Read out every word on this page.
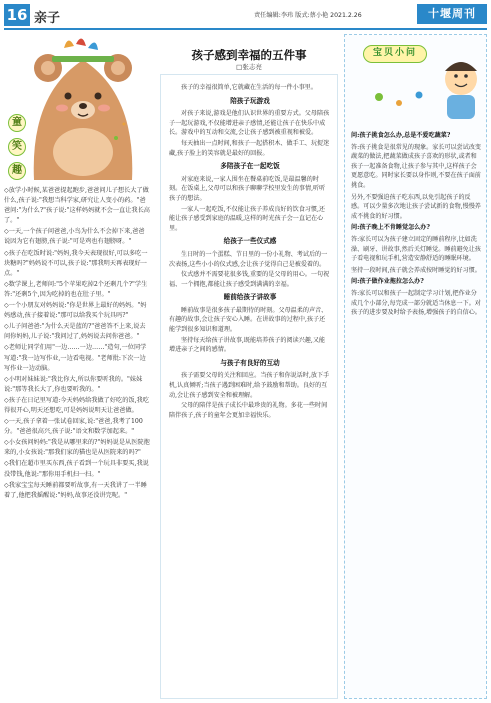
16 亲子	责任编辑:李玮 版式:蔡小艳 2021.2.26	十堰周刊
童
笑
趣

◇放学小时候,某爸爸提起跑步,爸爸问儿子想长大了做什么,孩子说:"我想当科学家,研究让人变小的药。"爸爸问:"为什么?"孩子说:"这样妈妈就不会一直让我长高了。"

◇一天,一个孩子问爸爸,小鸟为什么不会掉下来,爸爸说因为它有翅膀,孩子说:"可是鸡也有翅膀呀。"

◇孩子在吃饭时说:"妈妈,我今天表现很好,可以多吃一块糖吗?"妈妈说不可以,孩子说:"那我明天再表现好一点。"

◇数学课上,老师问:"5个苹果吃掉2个还剩几个?"学生答:"还剩5个,因为吃掉的也在肚子里。"

◇一个小朋友对妈妈说:"你是世界上最好的妈妈。"妈妈感动,孩子接着说:"那可以给我买个玩具吗?"

◇儿子问爸爸:"为什么天是蓝的?"爸爸答不上来,说去问你妈妈,儿子说:"我问过了,妈妈说去问你爸爸。"

◇老师让同学们用"一边……一边……"造句,一位同学写道:"我一边写作业,一边看电视。"老师批:下次一边写作业一边动脑。

◇小明对妹妹说:"我比你大,所以你要听我的。"妹妹说:"那等我长大了,你也要听我的。"

◇孩子在日记里写道:今天妈妈给我做了好吃的饭,我吃得很开心,明天还想吃,可是妈妈说明天让爸爸做。

◇一天,孩子拿着一张试卷回家,说:"爸爸,我考了100分。"爸爸很高兴,孩子说:"语文和数学加起来。"

◇小女孩问妈妈:"我是从哪里来的?"妈妈说是从医院抱来的,小女孩说:"那我们家的猫也是从医院来的吗?"

◇我们在超市里买东西,孩子看到一个玩具非要买,我说没带钱,他说:"那你用手机扫一扫。"

◇我家宝宝每天睡前都要听故事,有一天我讲了一半睡着了,他把我摇醒说:"妈妈,故事还没讲完呢。"

孩子感到幸福的五件事
□张志亮

孩子的幸福很简单,它就藏在生活的每一件小事里。

陪孩子玩游戏

对孩子来说,游戏是他们认识世界的重要方式。父母陪孩子一起玩游戏,不仅能增进亲子感情,还能让孩子在快乐中成长。游戏中的互动和交流,会让孩子感到被重视和被爱。

每天抽出一点时间,和孩子一起搭积木、做手工、玩捉迷藏,孩子脸上的笑容就是最好的回报。

多陪孩子在一起吃饭

对家庭来说,一家人围坐在餐桌前吃饭,是最温馨的时刻。在饭桌上,父母可以和孩子聊聊学校里发生的事情,听听孩子的想法。

一家人一起吃饭,不仅能让孩子养成良好的饮食习惯,还能让孩子感受到家庭的温暖,这样的时光孩子会一直记在心里。

给孩子一些仪式感

生日时的一个蛋糕、节日里的一份小礼物、考试后的一次表扬,这些小小的仪式感,会让孩子觉得自己是被爱着的。

仪式感并不需要花很多钱,重要的是父母的用心。一句祝福、一个拥抱,都能让孩子感受到满满的幸福。

睡前给孩子讲故事

睡前故事是很多孩子最期待的时刻。父母温柔的声音、有趣的故事,会让孩子安心入睡。在讲故事的过程中,孩子还能学到很多知识和道理。

坚持每天给孩子讲故事,既能培养孩子的阅读兴趣,又能增进亲子之间的感情。

与孩子有良好的互动

孩子需要父母的关注和回应。当孩子和你说话时,放下手机,认真倾听;当孩子遇到困难时,给予鼓励和帮助。良好的互动,会让孩子感到安全和被理解。

父母的陪伴是孩子成长中最珍贵的礼物。多花一些时间陪伴孩子,孩子的童年会更加幸福快乐。

宝贝小问

问:孩子挑食怎么办,总是不爱吃蔬菜?

答:孩子挑食是很常见的现象。家长可以尝试改变蔬菜的做法,把蔬菜做成孩子喜欢的形状,或者和孩子一起准备食物,让孩子参与其中,这样孩子会更愿意吃。同时家长要以身作则,不要在孩子面前挑食。

另外,不要强迫孩子吃东西,以免引起孩子的反感。可以少量多次地让孩子尝试新的食物,慢慢养成不挑食的好习惯。

问:孩子晚上不肯睡觉怎么办?

答:家长可以为孩子建立固定的睡前程序,比如洗澡、刷牙、讲故事,然后关灯睡觉。睡前避免让孩子看电视和玩手机,营造安静舒适的睡眠环境。

坚持一段时间,孩子就会养成按时睡觉的好习惯。

问:孩子做作业拖拉怎么办?

答:家长可以和孩子一起制定学习计划,把作业分成几个小部分,每完成一部分就适当休息一下。对孩子的进步要及时给予表扬,增强孩子的自信心。
